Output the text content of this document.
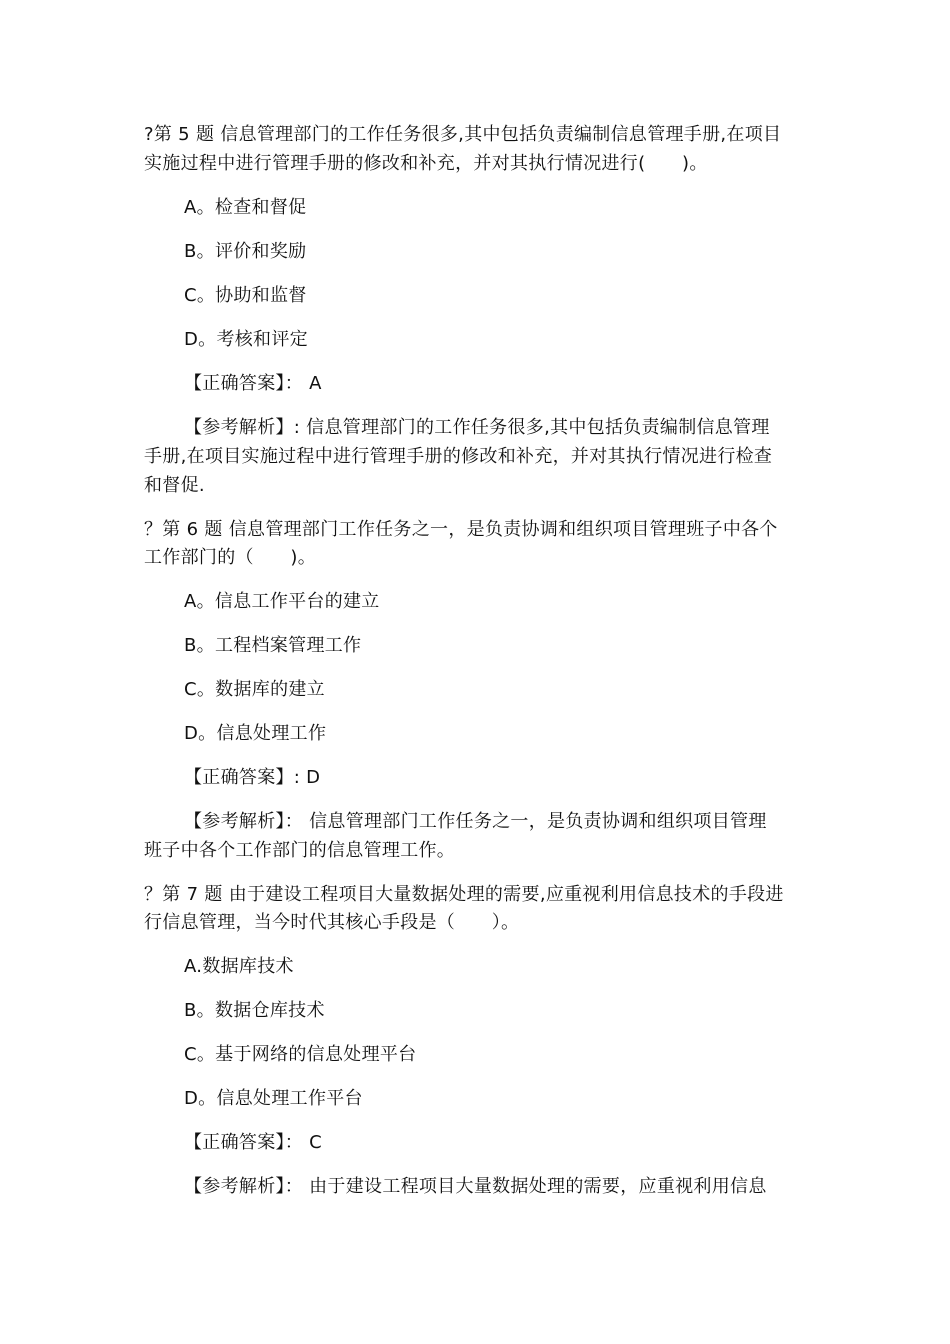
?第 5 题 信息管理部门的工作任务很多,其中包括负责编制信息管理手册,在项目
实施过程中进行管理手册的修改和补充，并对其执行情况进行(　　)。
A。检查和督促
B。评价和奖励
C。协助和监督
D。考核和评定
【正确答案】： A
【参考解析】: 信息管理部门的工作任务很多,其中包括负责编制信息管理
手册,在项目实施过程中进行管理手册的修改和补充，并对其执行情况进行检查
和督促.
？第 6 题 信息管理部门工作任务之一，是负责协调和组织项目管理班子中各个
工作部门的（　　)。
A。信息工作平台的建立
B。工程档案管理工作
C。数据库的建立
D。信息处理工作
【正确答案】: D
【参考解析】： 信息管理部门工作任务之一，是负责协调和组织项目管理
班子中各个工作部门的信息管理工作。
？第 7 题 由于建设工程项目大量数据处理的需要,应重视利用信息技术的手段进
行信息管理，当今时代其核心手段是（　　）。
A.数据库技术
B。数据仓库技术
C。基于网络的信息处理平台
D。信息处理工作平台
【正确答案】： C
【参考解析】： 由于建设工程项目大量数据处理的需要，应重视利用信息
